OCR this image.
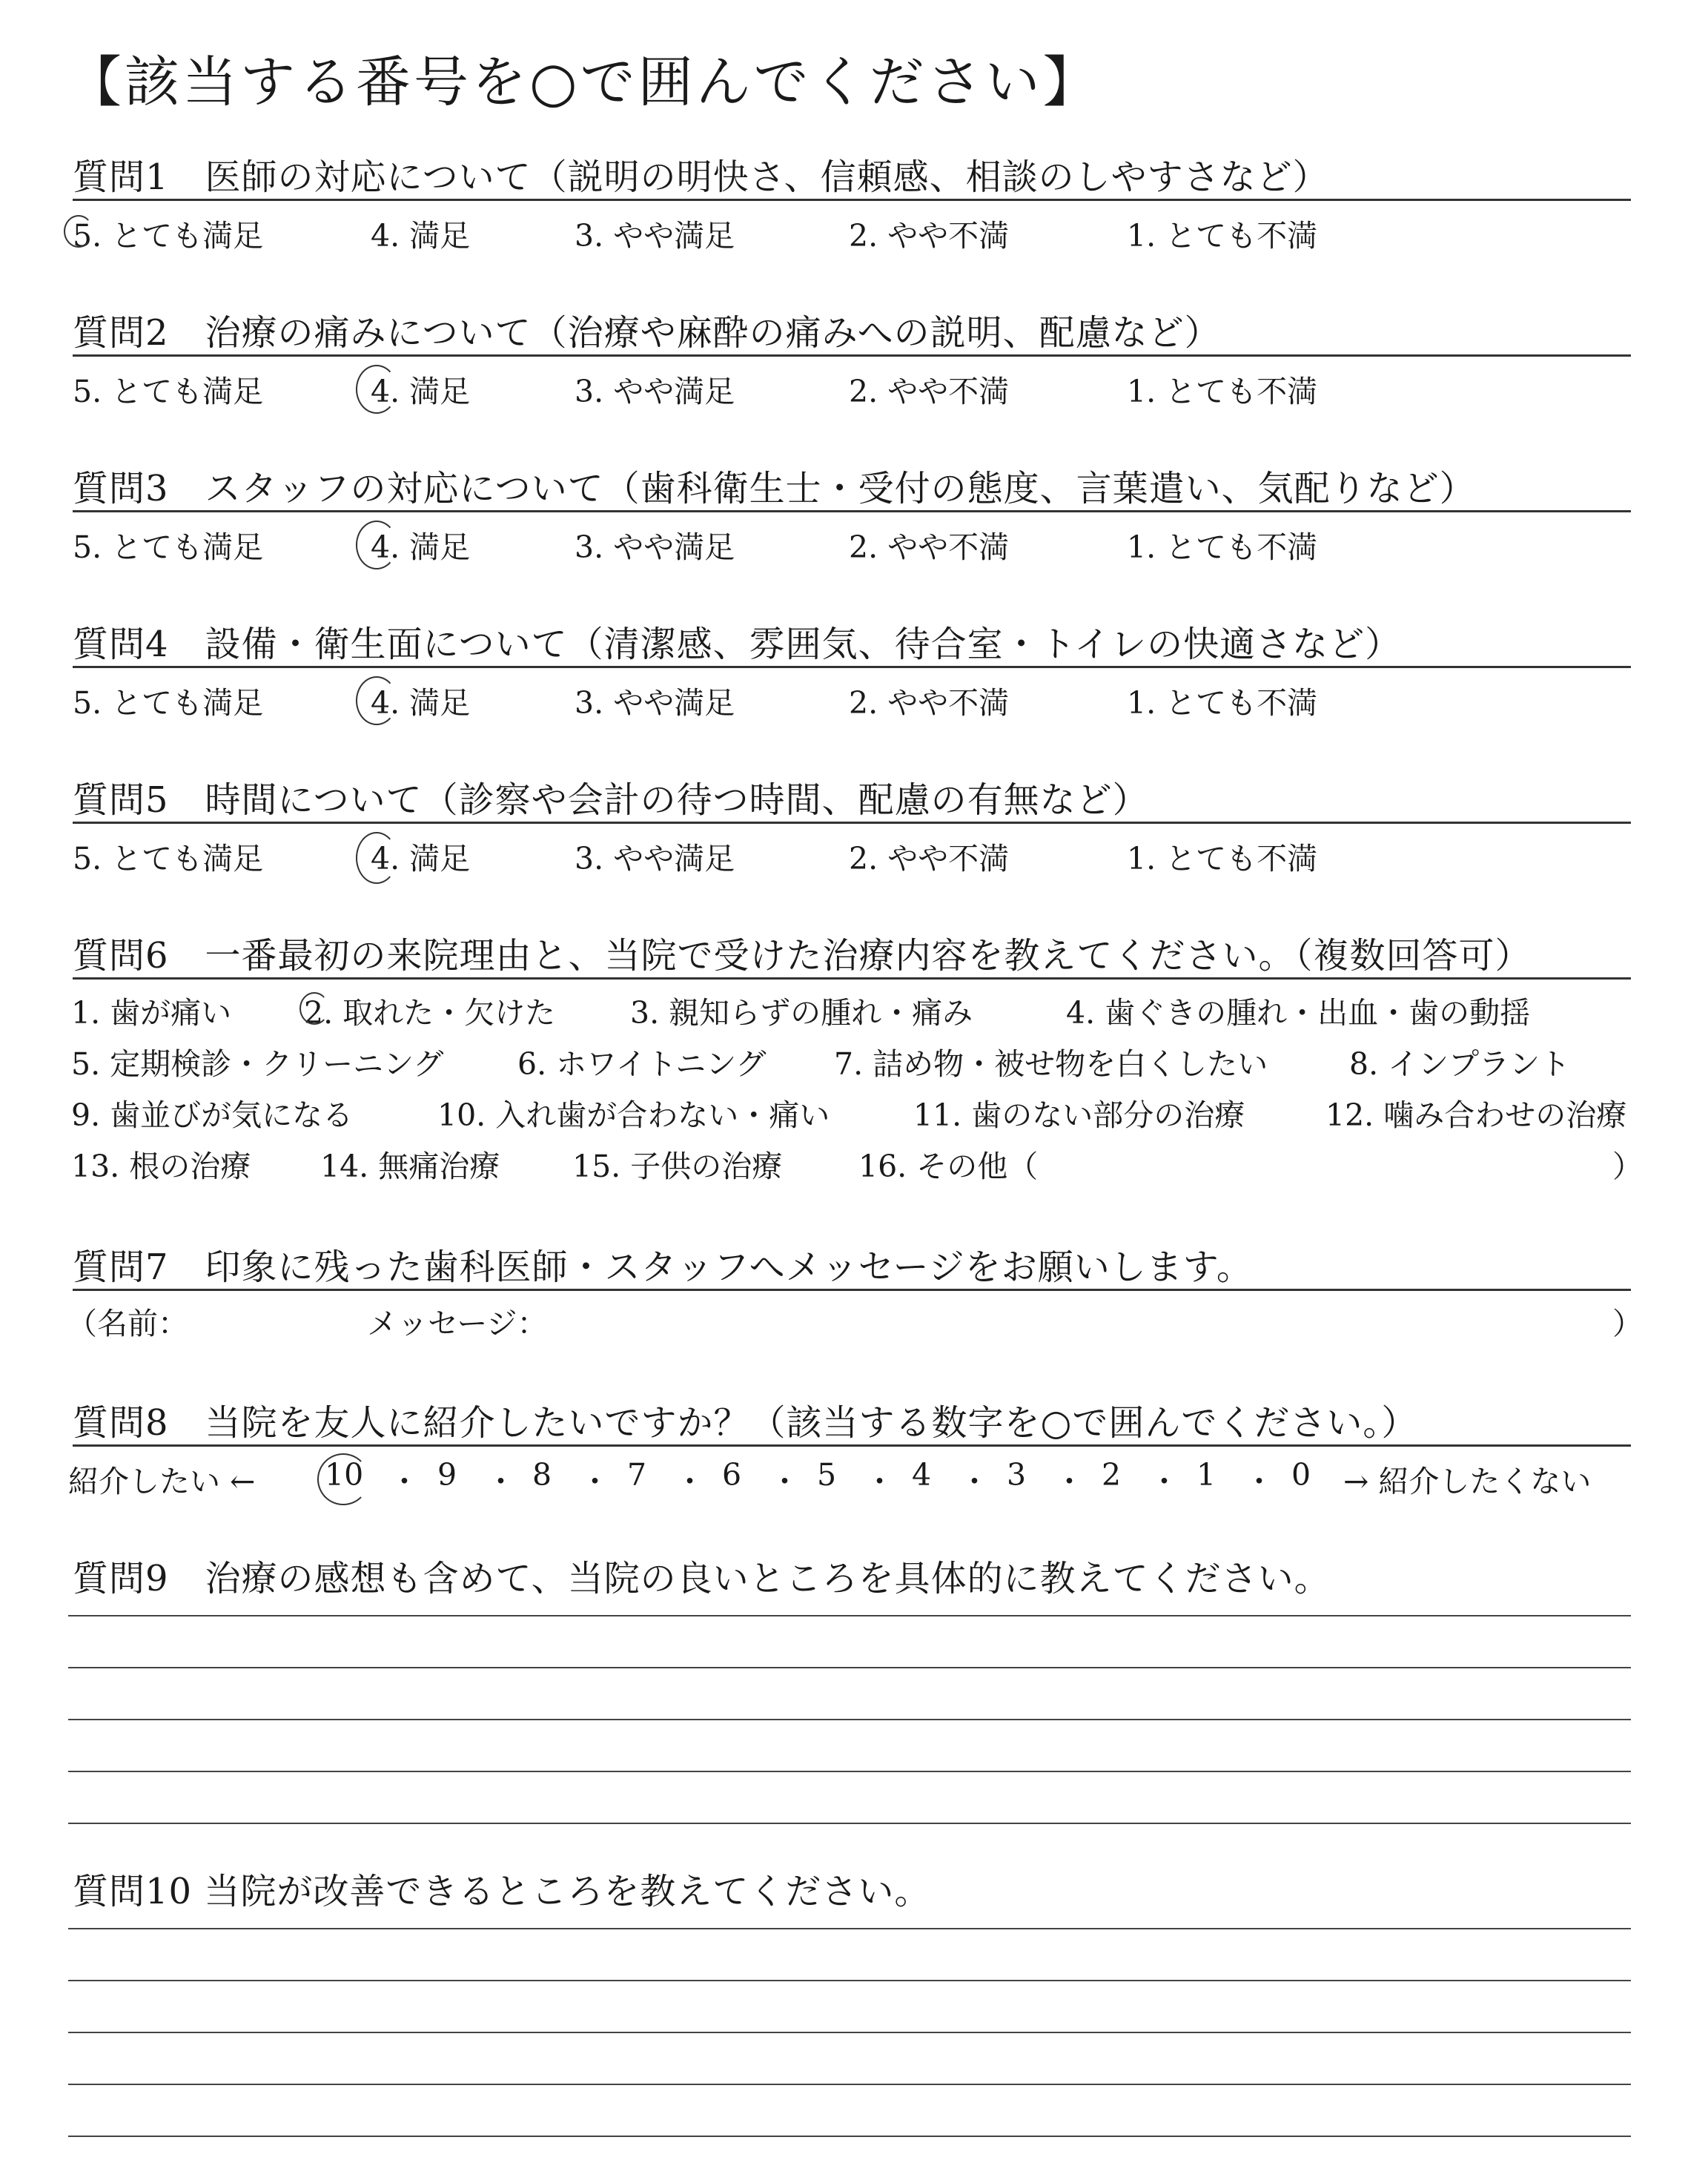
【該当する番号を○で囲んでください】
質問1　医師の対応について（説明の明快さ、信頼感、相談のしやすさなど）
5. とても満足	4. 満足	3. やや満足	2. やや不満	1. とても不満
質問2　治療の痛みについて（治療や麻酔の痛みへの説明、配慮など）
5. とても満足	4. 満足	3. やや満足	2. やや不満	1. とても不満
質問3　スタッフの対応について（歯科衛生士・受付の態度、言葉遣い、気配りなど）
5. とても満足	4. 満足	3. やや満足	2. やや不満	1. とても不満
質問4　設備・衛生面について（清潔感、雰囲気、待合室・トイレの快適さなど）
5. とても満足	4. 満足	3. やや満足	2. やや不満	1. とても不満
質問5　時間について（診察や会計の待つ時間、配慮の有無など）
5. とても満足	4. 満足	3. やや満足	2. やや不満	1. とても不満
質問6　一番最初の来院理由と、当院で受けた治療内容を教えてください。（複数回答可）
1. 歯が痛い 2. 取れた・欠けた 3. 親知らずの腫れ・痛み	4. 歯ぐきの腫れ・出血・歯の動揺
5. 定期検診・クリーニング 6. ホワイトニング 7. 詰め物・被せ物を白くしたい	8. インプラント
9. 歯並びが気になる	10. 入れ歯が合わない・痛い	11. 歯のない部分の治療	12. 噛み合わせの治療
13. 根の治療 14. 無痛治療 15. 子供の治療	16. その他（	）
質問7　印象に残った歯科医師・スタッフへメッセージをお願いします。
（名前：	メッセージ：	）
質問8　当院を友人に紹介したいですか？（該当する数字を○で囲んでください。）
紹介したい ← 10 ・ 9 ・ 8 ・ 7 ・ 6 ・ 5 ・ 4 ・ 3 ・ 2 ・ 1 ・ 0 → 紹介したくない
質問9　治療の感想も含めて、当院の良いところを具体的に教えてください。
質問10 当院が改善できるところを教えてください。
